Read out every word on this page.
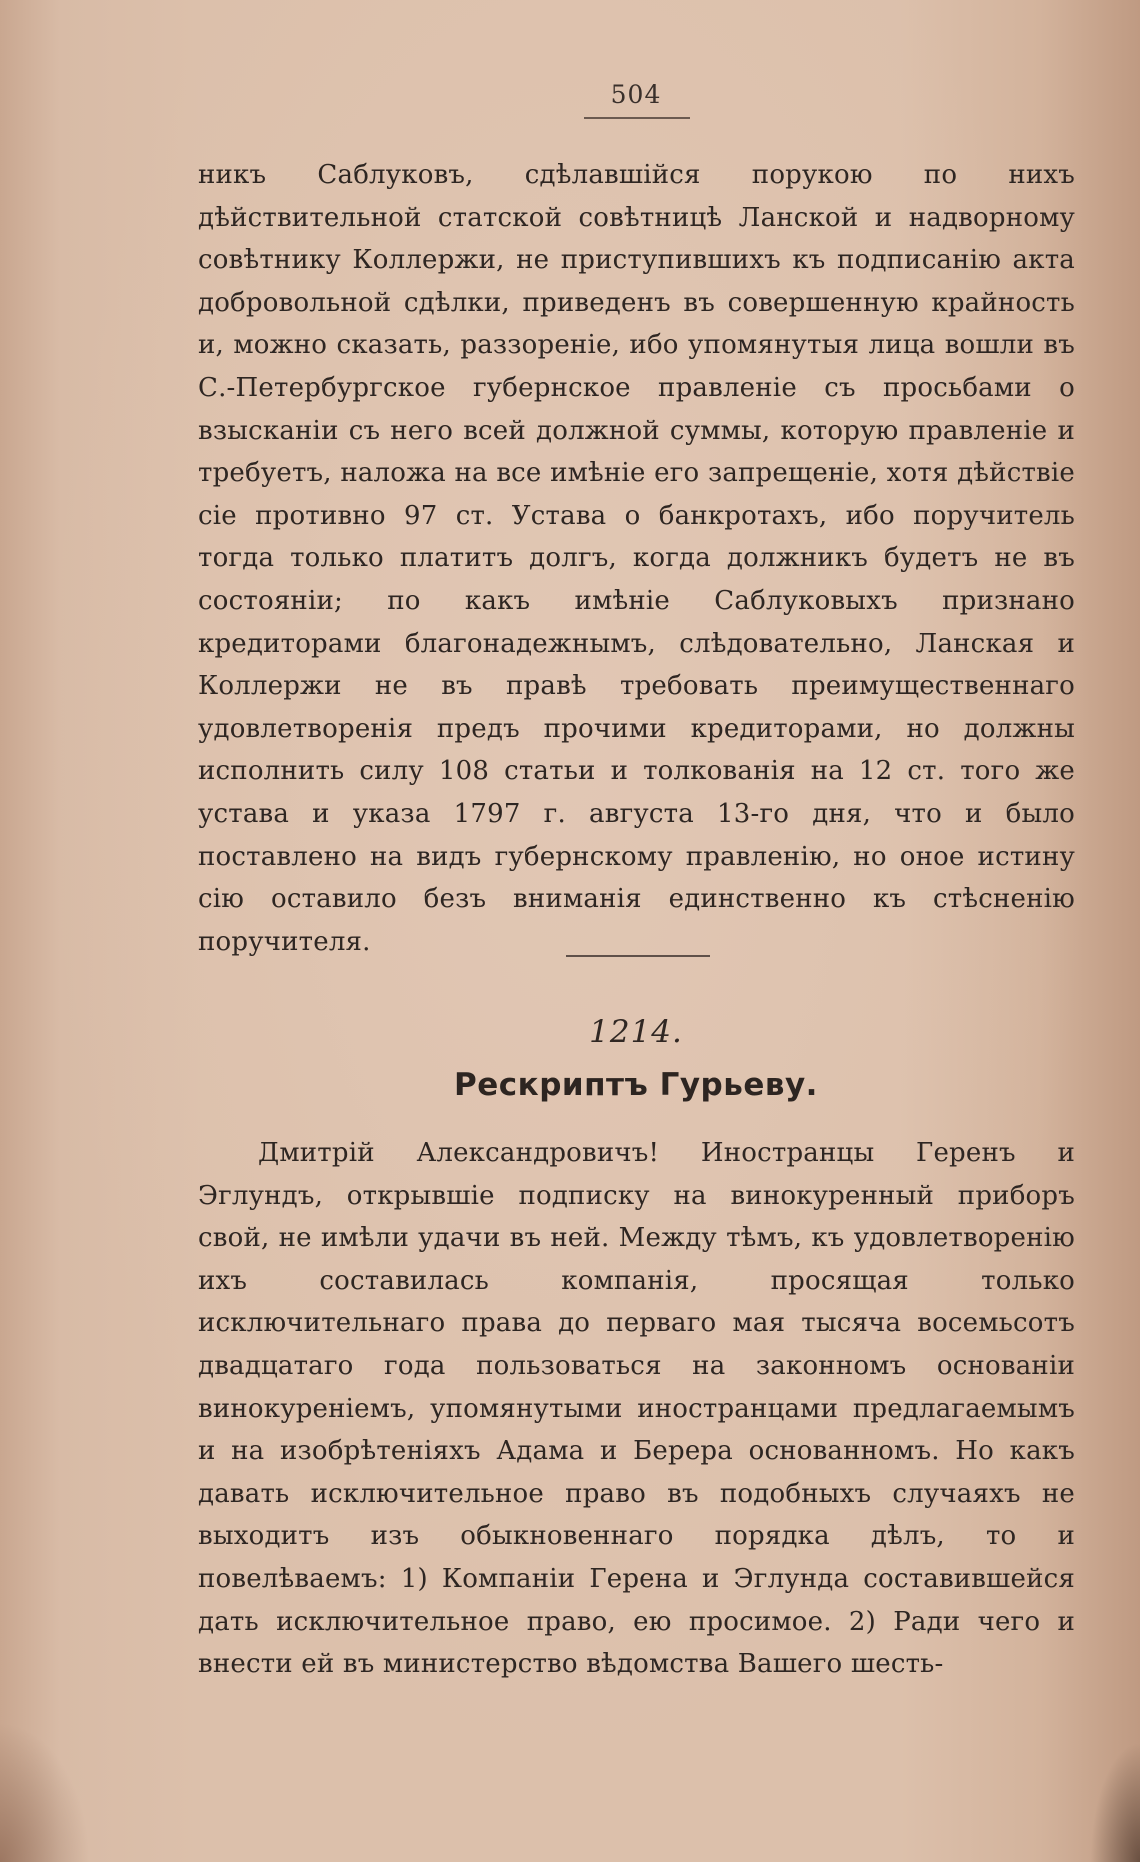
504

никъ Саблуковъ, сдѣлавшійся порукою по нихъ дѣйствительной статской совѣтницѣ Ланской и надворному совѣтнику Коллержи, не приступившихъ къ подписанію акта добровольной сдѣлки, приведенъ въ совершенную крайность и, можно сказать, раззореніе, ибо упомянутыя лица вошли въ С.-Петербургское губернское правленіе съ просьбами о взысканіи съ него всей должной суммы, которую правленіе и требуетъ, наложа на все имѣніе его запрещеніе, хотя дѣйствіе сіе противно 97 ст. Устава о банкротахъ, ибо поручитель тогда только платитъ долгъ, когда должникъ будетъ не въ состояніи; по какъ имѣніе Саблуковыхъ признано кредиторами благонадежнымъ, слѣдовательно, Ланская и Коллержи не въ правѣ требовать преимущественнаго удовлетворенія предъ прочими кредиторами, но должны исполнить силу 108 статьи и толкованія на 12 ст. того же устава и указа 1797 г. августа 13-го дня, что и было поставлено на видъ губернскому правленію, но оное истину сію оставило безъ вниманія единственно къ стѣсненію поручителя.

1214.
Рескриптъ Гурьеву.

Дмитрій Александровичъ! Иностранцы Геренъ и Эглундъ, открывшіе подписку на винокуренный приборъ свой, не имѣли удачи въ ней. Между тѣмъ, къ удовлетворенію ихъ составилась компанія, просящая только исключительнаго права до перваго мая тысяча восемьсотъ двадцатаго года пользоваться на законномъ основаніи винокуреніемъ, упомянутыми иностранцами предлагаемымъ и на изобрѣтеніяхъ Адама и Берера основанномъ. Но какъ давать исключительное право въ подобныхъ случаяхъ не выходитъ изъ обыкновеннаго порядка дѣлъ, то и повелѣваемъ: 1) Компаніи Герена и Эглунда составившейся дать исключительное право, ею просимое. 2) Ради чего и внести ей въ министерство вѣдомства Вашего шесть-
